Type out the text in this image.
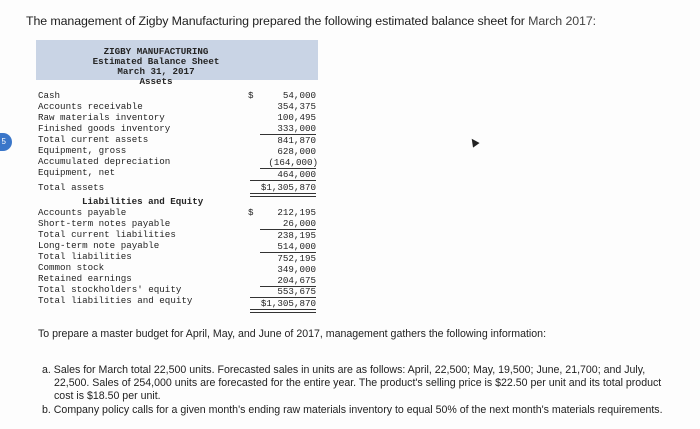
The management of Zigby Manufacturing prepared the following estimated balance sheet for March 2017:
5
ZIGBY MANUFACTURING
Estimated Balance Sheet
March 31, 2017
Assets
Cash	$	54,000
Accounts receivable	354,375
Raw materials inventory	100,495
Finished goods inventory	333,000
Total current assets	841,870
Equipment, gross	628,000
Accumulated depreciation	(164,000)
Equipment, net	464,000
Total assets	$1,305,870
Liabilities and Equity
Accounts payable	$	212,195
Short-term notes payable	26,000
Total current liabilities	238,195
Long-term note payable	514,000
Total liabilities	752,195
Common stock	349,000
Retained earnings	204,675
Total stockholders' equity	553,675
Total liabilities and equity	$1,305,870
To prepare a master budget for April, May, and June of 2017, management gathers the following information:
a. Sales for March total 22,500 units. Forecasted sales in units are as follows: April, 22,500; May, 19,500; June, 21,700; and July,
22,500. Sales of 254,000 units are forecasted for the entire year. The product's selling price is $22.50 per unit and its total product
cost is $18.50 per unit.
b. Company policy calls for a given month's ending raw materials inventory to equal 50% of the next month's materials requirements.
